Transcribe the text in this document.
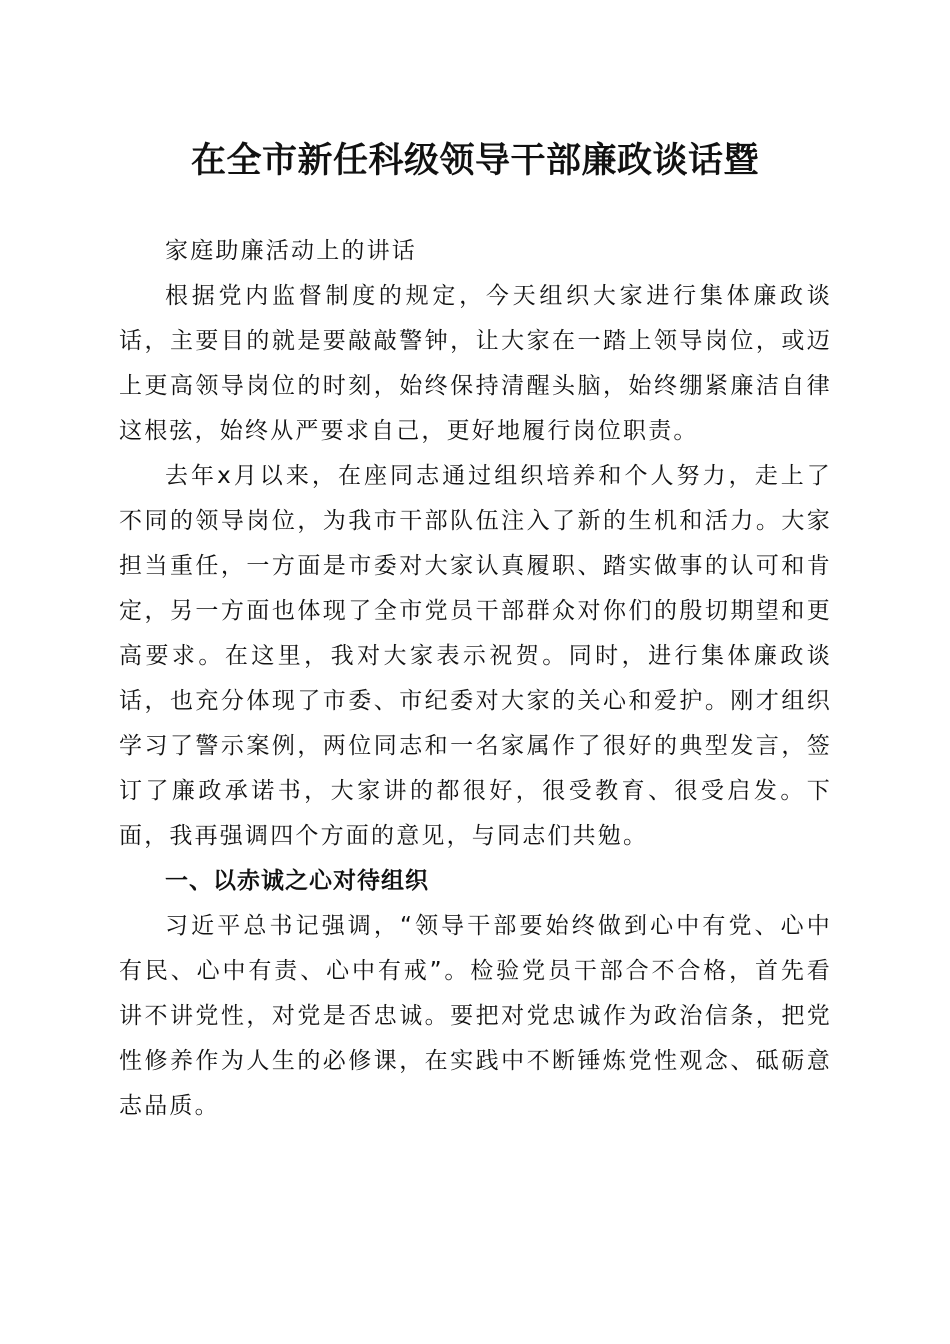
在全市新任科级领导干部廉政谈话暨

家庭助廉活动上的讲话

根据党内监督制度的规定，今天组织大家进行集体廉政谈话，主要目的就是要敲敲警钟，让大家在一踏上领导岗位，或迈上更高领导岗位的时刻，始终保持清醒头脑，始终绷紧廉洁自律这根弦，始终从严要求自己，更好地履行岗位职责。

去年x月以来，在座同志通过组织培养和个人努力，走上了不同的领导岗位，为我市干部队伍注入了新的生机和活力。大家担当重任，一方面是市委对大家认真履职、踏实做事的认可和肯定，另一方面也体现了全市党员干部群众对你们的殷切期望和更高要求。在这里，我对大家表示祝贺。同时，进行集体廉政谈话，也充分体现了市委、市纪委对大家的关心和爱护。刚才组织学习了警示案例，两位同志和一名家属作了很好的典型发言，签订了廉政承诺书，大家讲的都很好，很受教育、很受启发。下面，我再强调四个方面的意见，与同志们共勉。

一、以赤诚之心对待组织

习近平总书记强调，“领导干部要始终做到心中有党、心中有民、心中有责、心中有戒”。检验党员干部合不合格，首先看讲不讲党性，对党是否忠诚。要把对党忠诚作为政治信条，把党性修养作为人生的必修课，在实践中不断锤炼党性观念、砥砺意志品质。
